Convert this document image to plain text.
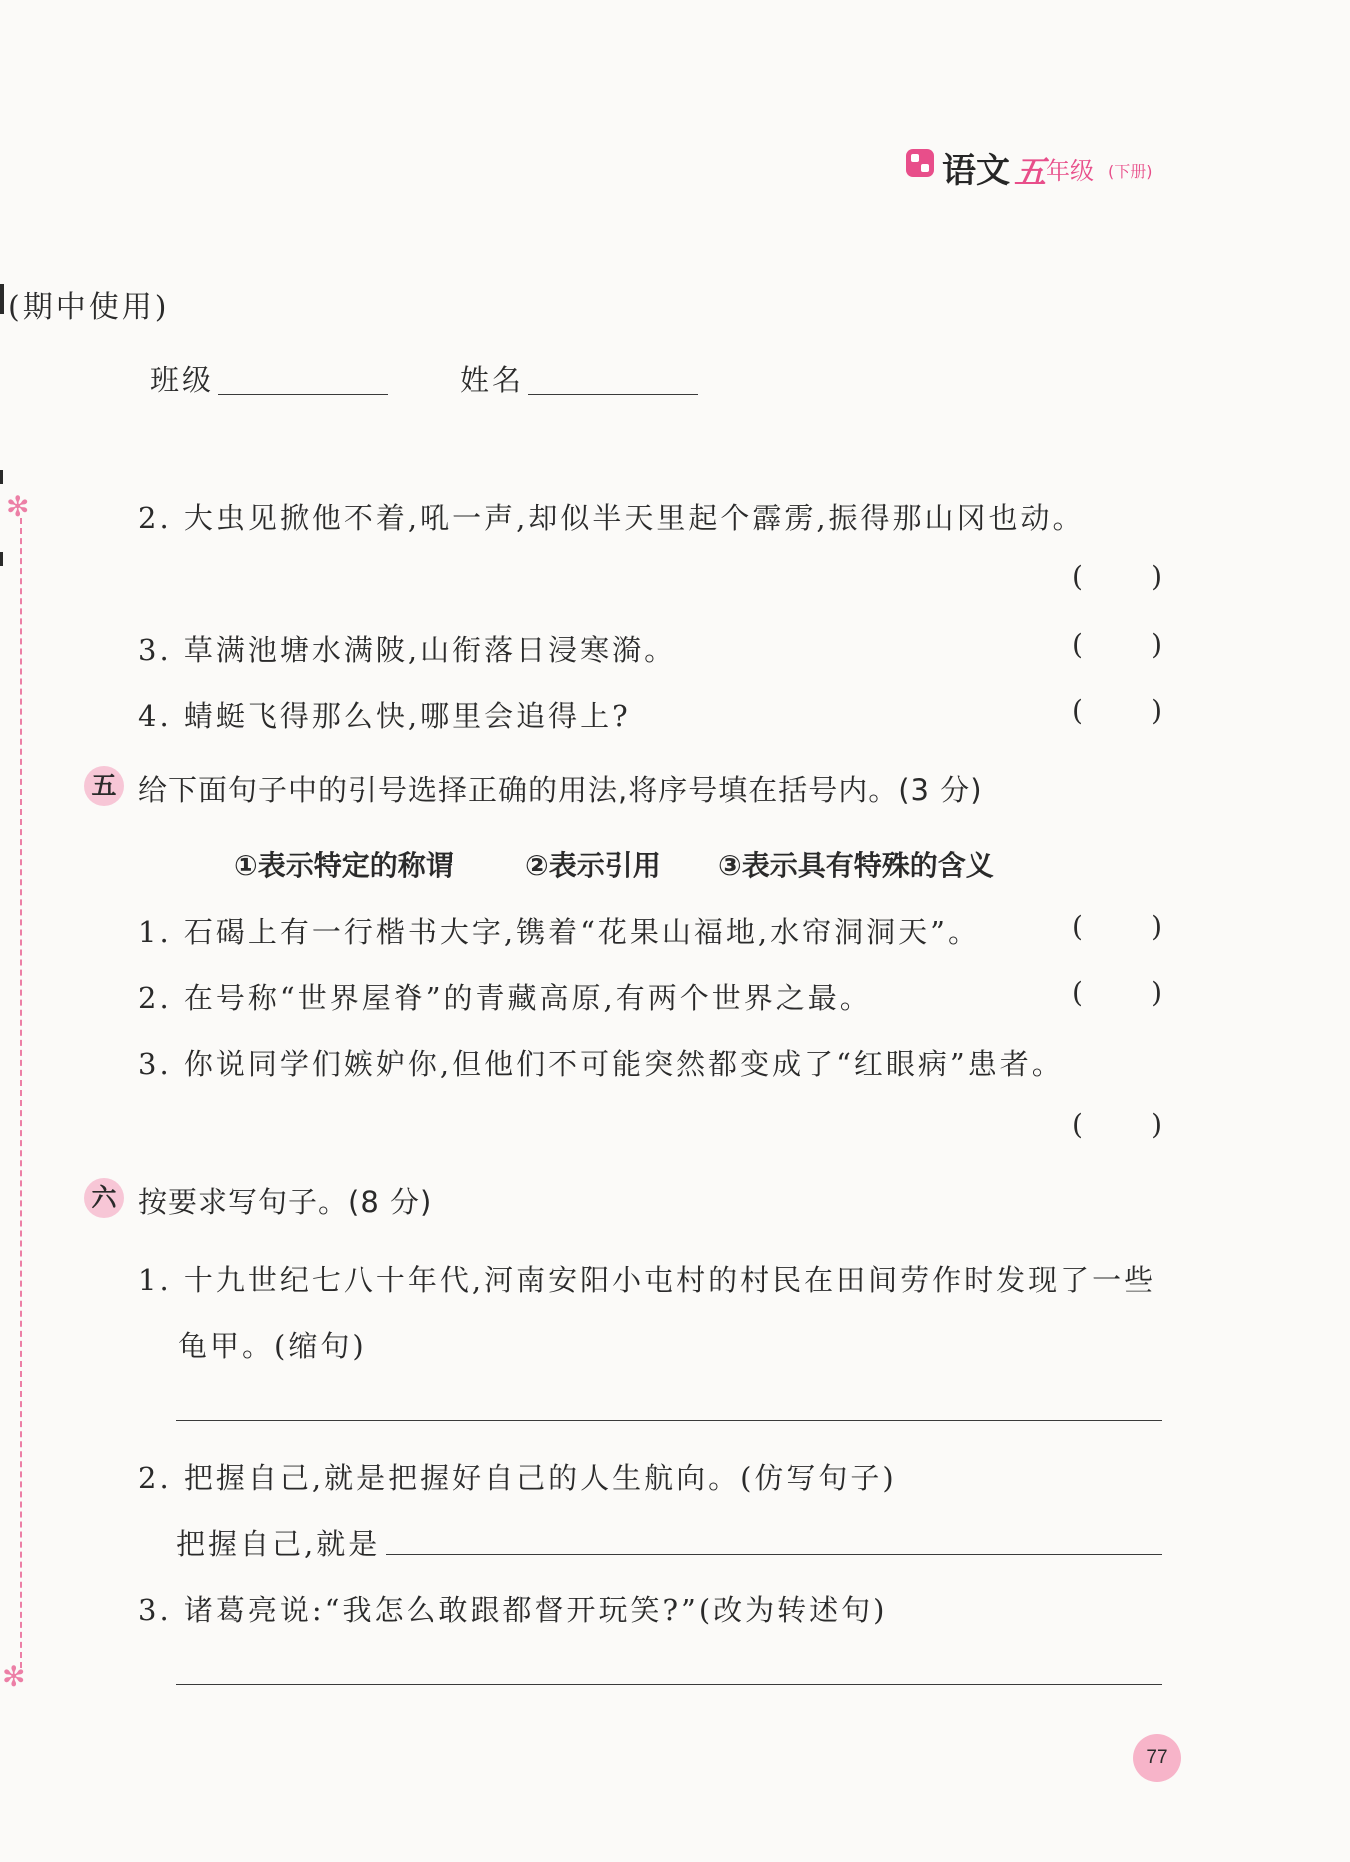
语文 五 年级 (下册)
(期中使用)
班级	姓名
✻
✻
2. 大虫见掀他不着,吼一声,却似半天里起个霹雳,振得那山冈也动。
( )
3. 草满池塘水满陂,山衔落日浸寒漪。	( )
4. 蜻蜓飞得那么快,哪里会追得上?	( )
五 给下面句子中的引号选择正确的用法,将序号填在括号内。(3 分)
①表示特定的称谓	②表示引用 ③表示具有特殊的含义
1. 石碣上有一行楷书大字,镌着“花果山福地,水帘洞洞天”。	( )
2. 在号称“世界屋脊”的青藏高原,有两个世界之最。	( )
3. 你说同学们嫉妒你,但他们不可能突然都变成了“红眼病”患者。
( )
六 按要求写句子。(8 分)
1. 十九世纪七八十年代,河南安阳小屯村的村民在田间劳作时发现了一些
龟甲。(缩句)
2. 把握自己,就是把握好自己的人生航向。(仿写句子)
把握自己,就是
3. 诸葛亮说:“我怎么敢跟都督开玩笑?”(改为转述句)
77
